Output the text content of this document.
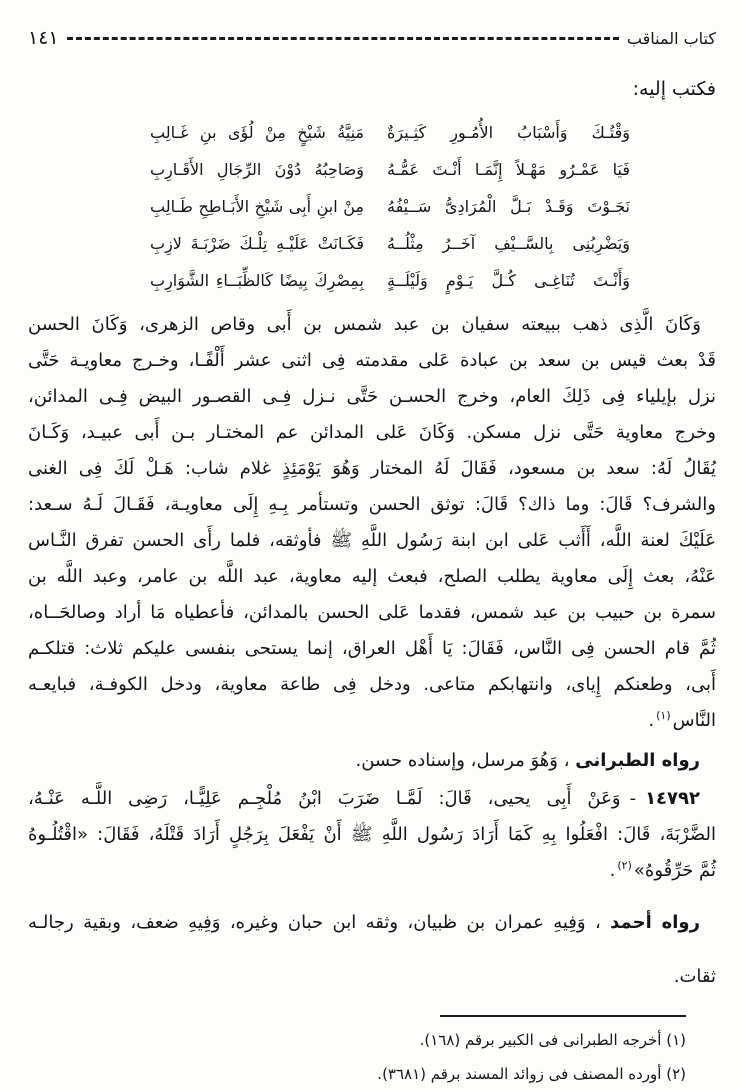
كتاب المناقب
١٤١

فكتب إليه:

وَقْتُـكَ وَأَسْبَابُ الأُمُـورِ كَثِـيرَةٌ
مَنِيَّةُ شَيْخٍ مِنْ لُؤَى بنِ غَـالِبِ
فَيَا عَمْـرُو مَهْـلاً إِنَّمَـا أَنْـتَ عَمُّـهُ
وَصَاحِبُهُ دُوْنَ الرِّجَالِ الأَقَـارِبِ
نَجَـوْتَ وَقَـدْ بَـلَّ الْمُرَادِىُّ سَــيْفُهُ
مِنْ ابنِ أَبِى شَيْخِ الأَبَـاطِحِ طَـالِبِ
وَيَضْرِبُنِى بِالسَّــيْفِ آخَــرُ مِثْلُــهُ
فَكَـانَتْ عَلَيْـهِ تِلْـكَ ضَرْبَـةَ لازِبِ
وَأَنْـتَ تُنَاغِـى كُـلَّ يَـوْمٍ وَلَيْلَــةٍ
بِمِصْرِكَ بِيضًا كَالظِّبَــاءِ الشَّوَارِبِ
وَكَانَ الَّذِى ذهب ببيعته سفيان بن عبد شمس بن أَبى وقاص الزهرى، وَكَانَ الحسن
قَدْ بعث قيس بن سعد بن عبادة عَلى مقدمته فِى اثنى عشر أَلْفًـا، وخـرج معاويـة حَتَّى
نزل بإيلياء فِى ذَلِكَ العام، وخرج الحسـن حَتَّى نـزل فِـى القصـور البيض فِـى المدائن،
وخرج معاوية حَتَّى نزل مسكن. وَكَانَ عَلى المدائن عم المختـار بـن أَبى عبيـد، وَكَـانَ
يُقَالُ لَهُ: سعد بن مسعود، فَقَالَ لَهُ المختار وَهُوَ يَوْمَئِذٍ غلام شاب: هَـلْ لَكَ فِى الغنى
والشرف؟ قَالَ: وما ذاك؟ قَالَ: توثق الحسن وتستأمر بِـهِ إِلَى معاويـة، فَقَـالَ لَـهُ سـعد:
عَلَيْكَ لعنة اللَّه، أَأَثب عَلى ابن ابنة رَسُول اللَّهِ ﷺ فأوثقه، فلما رأَى الحسن تفرق النَّـاس
عَنْهُ، بعث إِلَى معاوية يطلب الصلح، فبعث إليه معاوية، عبد اللَّه بن عامر، وعبد اللَّه بن
سمرة بن حبيب بن عبد شمس، فقدما عَلى الحسن بالمدائن، فأعطياه مَا أراد وصالحَــاه،
ثُمَّ قام الحسن فِى النَّاس، فَقَالَ: يَا أَهْل العراق، إنما يستحى بنفسى عليكم ثلاث: قتلكـم
أَبى، وطعنكم إِياى، وانتهابكم متاعى. ودخل فِى طاعة معاوية، ودخل الكوفـة، فبايعـه
النَّاس$^{(١)}$.

رواه الطبرانى ، وَهُوَ مرسل، وإسناده حسن.

١٤٧٩٢-وَعَنْ أَبِى يحيى، قَالَ: لَمَّـا ضَرَبَ ابْنُ مُلْجِـم عَلِيًّـا، رَضِى اللَّـه عَنْـهُ،
الضَّرْبَةَ، قَالَ: افْعَلُوا بِهِ كَمَا أَرَادَ رَسُول اللَّهِ ﷺ أَنْ يَفْعَلَ بِرَجُلٍ أَرَادَ قَتْلَهُ، فَقَالَ: «اقْتُلُـوهُ
ثُمَّ حَرِّقُوهُ»$^{(٢)}$.

رواه أحمد ، وَفِيهِ عمران بن ظبيان، وثقه ابن حبان وغيره، وَفِيهِ ضعف، وبقية رجالـه

ثقات.
(١) أخرجه الطبرانى فى الكبير برقم (١٦٨).
(٢) أورده المصنف فى زوائد المسند برقم (٣٦٨١).
